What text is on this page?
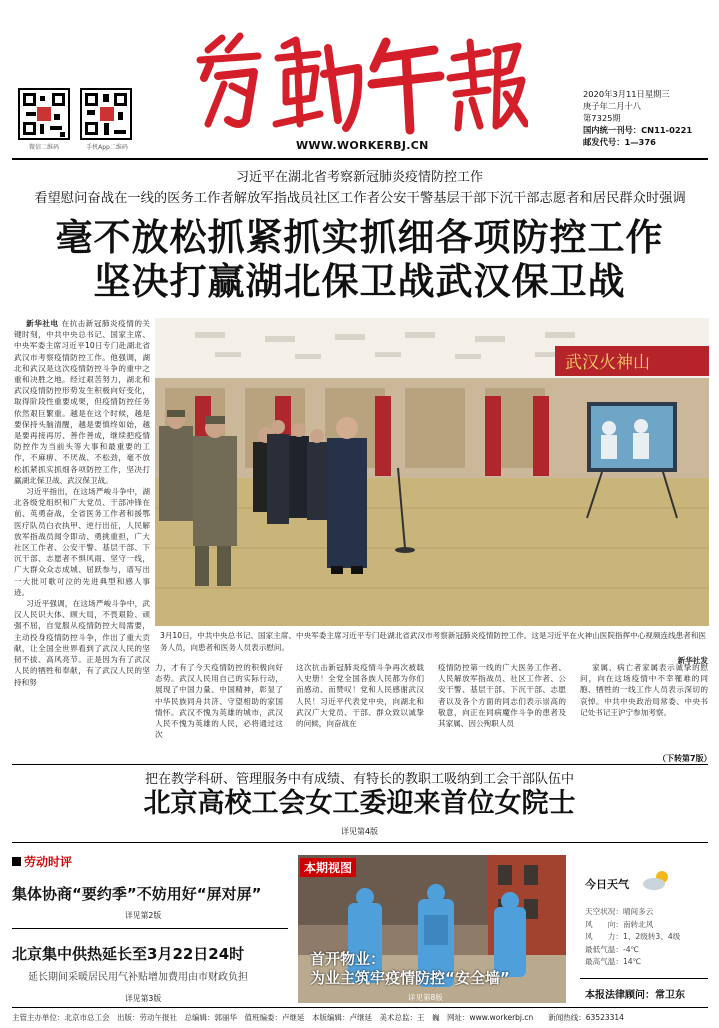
微信二维码	手机App二维码	WWW.WORKERBJ.CN
2020年3月11日星期三
庚子年二月十八
第7325期
国内统一刊号：CN11-0221
邮发代号：1—376
习近平在湖北省考察新冠肺炎疫情防控工作
看望慰问奋战在一线的医务工作者解放军指战员社区工作者公安干警基层干部下沉干部志愿者和居民群众时强调
毫不放松抓紧抓实抓细各项防控工作
坚决打赢湖北保卫战武汉保卫战

新华社电 在抗击新冠肺炎疫情的关键时刻，中共中央总书记、国家主席、中央军委主席习近平10日专门赴湖北省武汉市考察疫情防控工作。他强调，湖北和武汉是这次疫情防控斗争的重中之重和决胜之地。经过艰苦努力，湖北和武汉疫情防控形势发生积极向好变化，取得阶段性重要成果，但疫情防控任务依然艰巨繁重。越是在这个时候，越是要保持头脑清醒，越是要慎终如始，越是要再接再厉、善作善成，继续把疫情防控作为当前头等大事和最重要的工作，不麻痹、不厌战、不松劲，毫不放松抓紧抓实抓细各项防控工作，坚决打赢湖北保卫战、武汉保卫战。

习近平指出，在这场严峻斗争中，湖北各级党组织和广大党员、干部冲锋在前、英勇奋战，全省医务工作者和援鄂医疗队员白衣执甲、逆行出征，人民解放军指战员闻令即动、勇挑重担，广大社区工作者、公安干警、基层干部、下沉干部、志愿者不惧风雨、坚守一线，广大群众众志成城、屈跃参与，谱写出一大批可歌可泣的先进典型和感人事迹。

习近平强调，在这场严峻斗争中，武汉人民识大体、顾大局，不畏艰险、顽强不屈，自觉服从疫情防控大局需要，主动投身疫情防控斗争，作出了重大贡献，让全国全世界看到了武汉人民的坚韧不拔、高风亮节。正是因为有了武汉人民的牺牲和奉献，有了武汉人民的坚持和努

武汉火神山
3月10日，中共中央总书记、国家主席、中央军委主席习近平专门赴湖北省武汉市考察新冠肺炎疫情防控工作。这是习近平在火神山医院指挥中心视频连线患者和医务人员，向患者和医务人员表示慰问。
新华社发

力，才有了今天疫情防控的积极向好态势。武汉人民用自己的实际行动，展现了中国力量、中国精神，彰显了中华民族同舟共济、守望相助的家国情怀。武汉不愧为英雄的城市，武汉人民不愧为英雄的人民，必将通过这次

这次抗击新冠肺炎疫情斗争再次被载入史册！全党全国各族人民都为你们而感动、而赞叹！党和人民感谢武汉人民！习近平代表党中央，向湖北和武汉广大党员、干部、群众致以诚挚的问候，向奋战在

疫情防控第一线的广大医务工作者、人民解放军指战员、社区工作者、公安干警、基层干部、下沉干部、志愿者以及各个方面的同志们表示崇高的敬意，向正在同病魔作斗争的患者及其家属、因公殉职人员

家属、病亡者家属表示诚挚的慰问，向在这场疫情中不幸罹难的同胞、牺牲的一线工作人员表示深切的哀悼。中共中央政治局常委、中央书记处书记王沪宁参加考察。

（下转第7版）
把在教学科研、管理服务中有成绩、有特长的教职工吸纳到工会干部队伍中
北京高校工会女工委迎来首位女院士
详见第4版
劳动时评
集体协商“要约季”不妨用好“屏对屏”
详见第2版
北京集中供热延长至3月22日24时
延长期间采暖居民用气补贴增加费用由市财政负担
详见第3版
本期视图
首开物业：
为业主筑牢疫情防控“安全墙”
详见第8版
今日天气
天空状况：晴间多云
风　　向：南转北风
风　　力：1、2级转3、4级
最低气温：-4℃
最高气温：14℃
本报法律顾问：常卫东
主管主办单位：北京市总工会　出版：劳动午报社　总编辑：郭丽华　值班编委：卢继延　本版编辑：卢继延　美术总监：王　巍　网址：www.workerbj.cn　　新闻热线：63523314
